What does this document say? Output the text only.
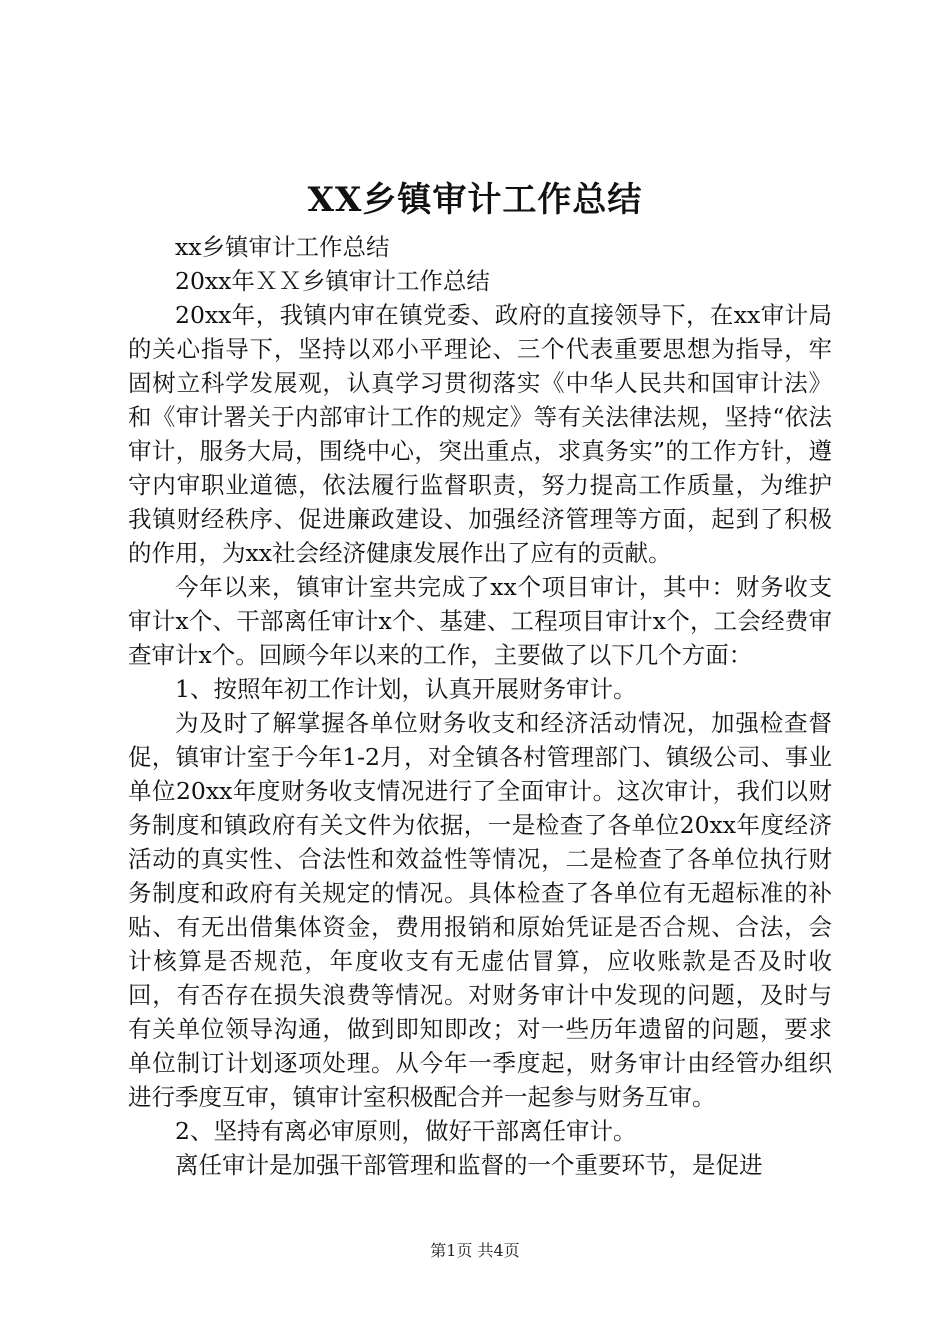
XX乡镇审计工作总结

xx乡镇审计工作总结

20xx年ＸＸ乡镇审计工作总结

20xx年，我镇内审在镇党委、政府的直接领导下，在xx审计局的关心指导下，坚持以邓小平理论、三个代表重要思想为指导，牢固树立科学发展观，认真学习贯彻落实《中华人民共和国审计法》和《审计署关于内部审计工作的规定》等有关法律法规，坚持“依法审计，服务大局，围绕中心，突出重点，求真务实”的工作方针，遵守内审职业道德，依法履行监督职责，努力提高工作质量，为维护我镇财经秩序、促进廉政建设、加强经济管理等方面，起到了积极的作用，为xx社会经济健康发展作出了应有的贡献。

今年以来，镇审计室共完成了xx个项目审计，其中：财务收支审计x个、干部离任审计x个、基建、工程项目审计x个，工会经费审查审计x个。回顾今年以来的工作，主要做了以下几个方面：

1、按照年初工作计划，认真开展财务审计。

为及时了解掌握各单位财务收支和经济活动情况，加强检查督促，镇审计室于今年1-2月，对全镇各村管理部门、镇级公司、事业单位20xx年度财务收支情况进行了全面审计。这次审计，我们以财务制度和镇政府有关文件为依据，一是检查了各单位20xx年度经济活动的真实性、合法性和效益性等情况，二是检查了各单位执行财务制度和政府有关规定的情况。具体检查了各单位有无超标准的补贴、有无出借集体资金，费用报销和原始凭证是否合规、合法，会计核算是否规范，年度收支有无虚估冒算，应收账款是否及时收回，有否存在损失浪费等情况。对财务审计中发现的问题，及时与有关单位领导沟通，做到即知即改；对一些历年遗留的问题，要求单位制订计划逐项处理。从今年一季度起，财务审计由经管办组织进行季度互审，镇审计室积极配合并一起参与财务互审。

2、坚持有离必审原则，做好干部离任审计。

离任审计是加强干部管理和监督的一个重要环节，是促进

第1页 共4页
